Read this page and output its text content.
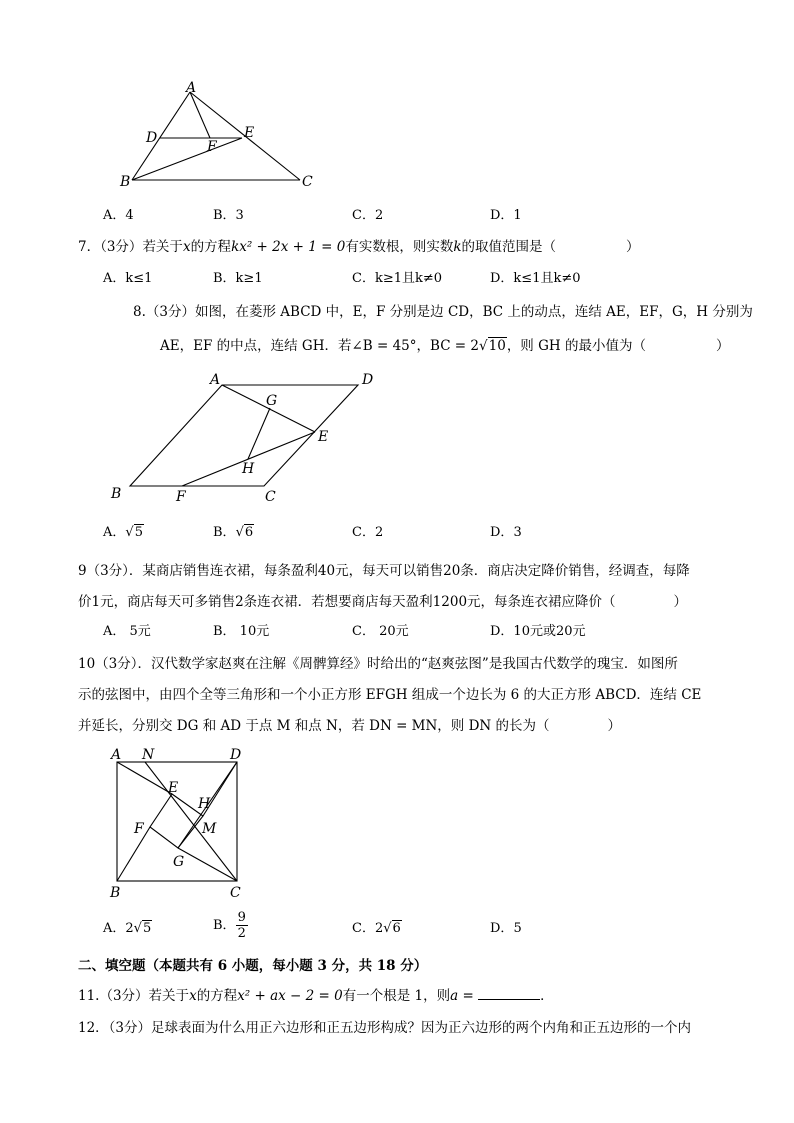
A
D	E
F
B	C
A．4	B．3	C．2	D．1
7．（3分）若关于x的方程kx² + 2x + 1 = 0有实数根，则实数k的取值范围是（	）
A．k≤1	B．k≥1	C．k≥1且k≠0	D．k≤1且k≠0
8.（3分）如图，在菱形 ABCD 中，E，F 分别是边 CD，BC 上的动点，连结 AE，EF，G，H 分别为
AE，EF 的中点，连结 GH．若∠B = 45°，BC = 2√10，则 GH 的最小值为（	）
A	D
G
E
H
B	F	C
A．√5	B．√6	C．2	D．3
9（3分）．某商店销售连衣裙，每条盈利40元，每天可以销售20条．商店决定降价销售，经调查，每降
价1元，商店每天可多销售2条连衣裙．若想要商店每天盈利1200元，每条连衣裙应降价（	）
A． 5元	B． 10元	C． 20元	D．10元或20元
10（3分）．汉代数学家赵爽在注解《周髀算经》时给出的“赵爽弦图”是我国古代数学的瑰宝．如图所
示的弦图中，由四个全等三角形和一个小正方形 EFGH 组成一个边长为 6 的大正方形 ABCD．连结 CE
并延长，分别交 DG 和 AD 于点 M 和点 N，若 DN = MN，则 DN 的长为（	）
A N	D
E
H
F	M
G
B	C
A．2√5	B． $\frac{9}{2}$	C．2√6	D．5
二、填空题（本题共有 6 小题，每小题 3 分，共 18 分）
11.（3分）若关于x的方程x² + ax − 2 = 0有一个根是 1，则a =	．
12．（3分）足球表面为什么用正六边形和正五边形构成？因为正六边形的两个内角和正五边形的一个内
